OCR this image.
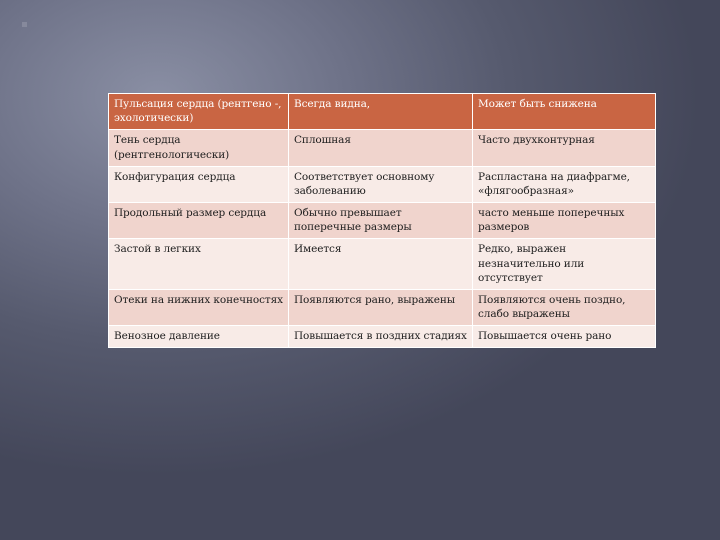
Пульсация сердца (рентгено -, эхолотически)	Всегда видна,	Может быть снижена
Тень сердца (рентгенологически)	Сплошная	Часто двухконтурная
Конфигурация сердца	Соответствует основному заболеванию	Распластана на диафрагме, «флягообразная»
Продольный размер сердца	Обычно превышает поперечные размеры	часто меньше поперечных размеров
Застой в легких	Имеется	Редко, выражен незначительно или отсутствует
Отеки на нижних конечностях	Появляются рано, выражены	Появляются очень поздно, слабо выражены
Венозное давление	Повышается в поздних стадиях	Повышается очень рано
